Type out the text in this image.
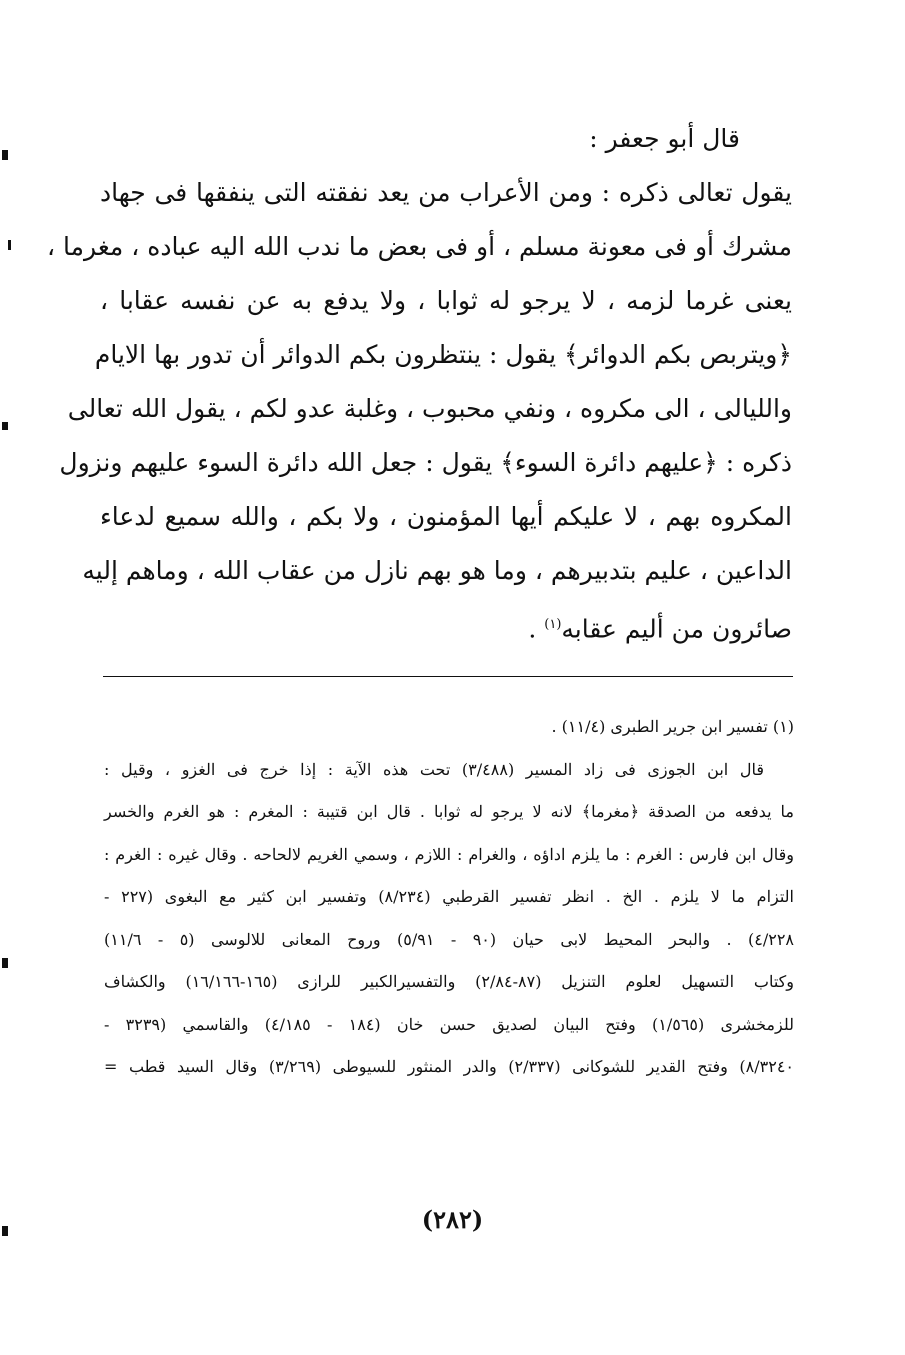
قال أبو جعفر :
يقول تعالى ذكره : ومن الأعراب من يعد نفقته التى ينفقها فى جهاد
مشرك أو فى معونة مسلم ، أو فى بعض ما ندب الله اليه عباده ، مغرما ،
يعنى غرما لزمه ، لا يرجو له ثوابا ، ولا يدفع به عن نفسه عقابا ،
﴿ويتربص بكم الدوائر﴾ يقول : ينتظرون بكم الدوائر أن تدور بها الايام
والليالى ، الى مكروه ، ونفي محبوب ، وغلبة عدو لكم ، يقول الله تعالى
ذكره : ﴿عليهم دائرة السوء﴾ يقول : جعل الله دائرة السوء عليهم ونزول
المكروه بهم ، لا عليكم أيها المؤمنون ، ولا بكم ، والله سميع لدعاء
الداعين ، عليم بتدبيرهم ، وما هو بهم نازل من عقاب الله ، وماهم إليه
صائرون من أليم عقابه$^{(١)}$ .
(١) تفسير ابن جرير الطبرى (١١/٤) .
قال ابن الجوزى فى زاد المسير (٣/٤٨٨) تحت هذه الآية : إذا خرج فى الغزو ، وقيل :
ما يدفعه من الصدقة ﴿مغرما﴾ لانه لا يرجو له ثوابا . قال ابن قتيبة : المغرم : هو الغرم والخسر
وقال ابن فارس : الغرم : ما يلزم اداؤه ، والغرام : اللازم ، وسمي الغريم لالحاحه . وقال غيره : الغرم :
التزام ما لا يلزم . الخ . انظر تفسير القرطبي (٨/٢٣٤) وتفسير ابن كثير مع البغوى (٢٢٧ -
٤/٢٢٨) . والبحر المحيط لابى حيان (٩٠ - ٥/٩١) وروح المعانى للالوسى (٥ - ١١/٦)
وكتاب التسهيل لعلوم التنزيل (٨٧-٢/٨٤) والتفسيرالكبير للرازى (١٦٥-١٦/١٦٦) والكشاف
للزمخشرى (١/٥٦٥) وفتح البيان لصديق حسن خان (١٨٤ - ٤/١٨٥) والقاسمي (٣٢٣٩ -
٨/٣٢٤٠) وفتح القدير للشوكانى (٢/٣٣٧) والدر المنثور للسيوطى (٣/٢٦٩) وقال السيد قطب =
(٢٨٢)
